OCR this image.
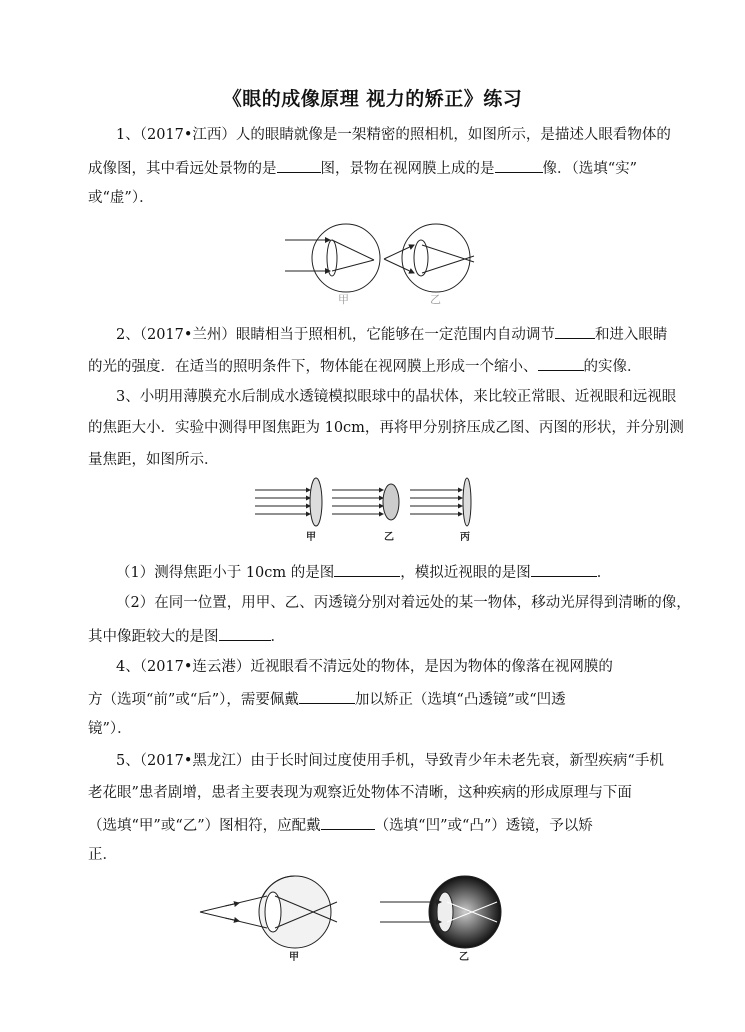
《眼的成像原理 视力的矫正》练习
1、（2017•江西）人的眼睛就像是一架精密的照相机，如图所示，是描述人眼看物体的
成像图，其中看远处景物的是	图，景物在视网膜上成的是	像．（选填“实”
或“虚”）．
甲	乙
2、（2017•兰州）眼睛相当于照相机，它能够在一定范围内自动调节	和进入眼睛
的光的强度．在适当的照明条件下，物体能在视网膜上形成一个缩小、	的实像．
3、小明用薄膜充水后制成水透镜模拟眼球中的晶状体，来比较正常眼、近视眼和远视眼
的焦距大小．实验中测得甲图焦距为 10cm，再将甲分别挤压成乙图、丙图的形状，并分别测
量焦距，如图所示．
甲	乙	丙
（1）测得焦距小于 10cm 的是图	，模拟近视眼的是图	．
（2）在同一位置，用甲、乙、丙透镜分别对着远处的某一物体，移动光屏得到清晰的像，
其中像距较大的是图	．
4、（2017•连云港）近视眼看不清远处的物体，是因为物体的像落在视网膜的
方（选项“前”或“后”），需要佩戴	加以矫正（选填“凸透镜”或“凹透
镜”）．
5、（2017•黑龙江）由于长时间过度使用手机，导致青少年未老先衰，新型疾病“手机
老花眼”患者剧增，患者主要表现为观察近处物体不清晰，这种疾病的形成原理与下面
（选填“甲”或“乙”）图相符，应配戴	（选填“凹”或“凸”）透镜，予以矫
正．
甲	乙
